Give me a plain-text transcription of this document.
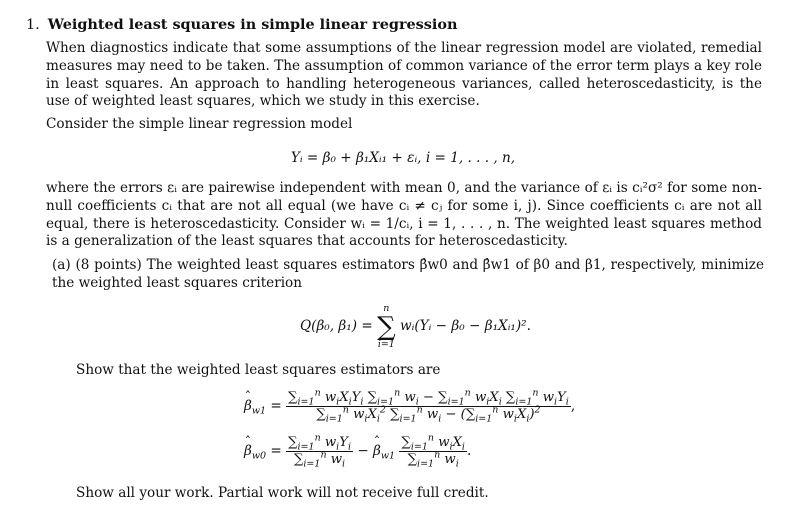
1. Weighted least squares in simple linear regression

When diagnostics indicate that some assumptions of the linear regression model are violated, remedial measures may need to be taken. The assumption of common variance of the error term plays a key role in least squares. An approach to handling heterogeneous variances, called heteroscedasticity, is the use of weighted least squares, which we study in this exercise.

Consider the simple linear regression model

Yᵢ = β₀ + β₁Xᵢ₁ + εᵢ, i = 1, . . . , n,

where the errors εᵢ are pairewise independent with mean 0, and the variance of εᵢ is cᵢ²σ² for some non-null coefficients cᵢ that are not all equal (we have cᵢ ≠ cⱼ for some i, j). Since coefficients cᵢ are not all equal, there is heteroscedasticity. Consider wᵢ = 1/cᵢ, i = 1, . . . , n. The weighted least squares method is a generalization of the least squares that accounts for heteroscedasticity.

(a) (8 points) The weighted least squares estimators β̂w0 and β̂w1 of β0 and β1, respectively, minimize the weighted least squares criterion
Q(β₀, β₁) =
n
∑
i=1
wᵢ(Yᵢ − β₀ − β₁Xᵢ₁)².
Show that the weighted least squares estimators are
ˆ $\beta_{w1} = \frac{\sum_{i=1}^n w_iX_iY_i \sum_{i=1}^n w_i - \sum_{i=1}^n w_iX_i \sum_{i=1}^n w_iY_i}{\sum_{i=1}^n w_iX_i^2 \sum_{i=1}^n w_i - (\sum_{i=1}^n w_iX_i)^2}$ ,
ˆ $\beta_{w0} = \frac{\sum_{i=1}^n w_iY_i}{\sum_{i=1}^n w_i}$ − ˆ $\beta_{w1} \frac{\sum_{i=1}^n w_iX_i}{\sum_{i=1}^n w_i}$ .
Show all your work. Partial work will not receive full credit.
